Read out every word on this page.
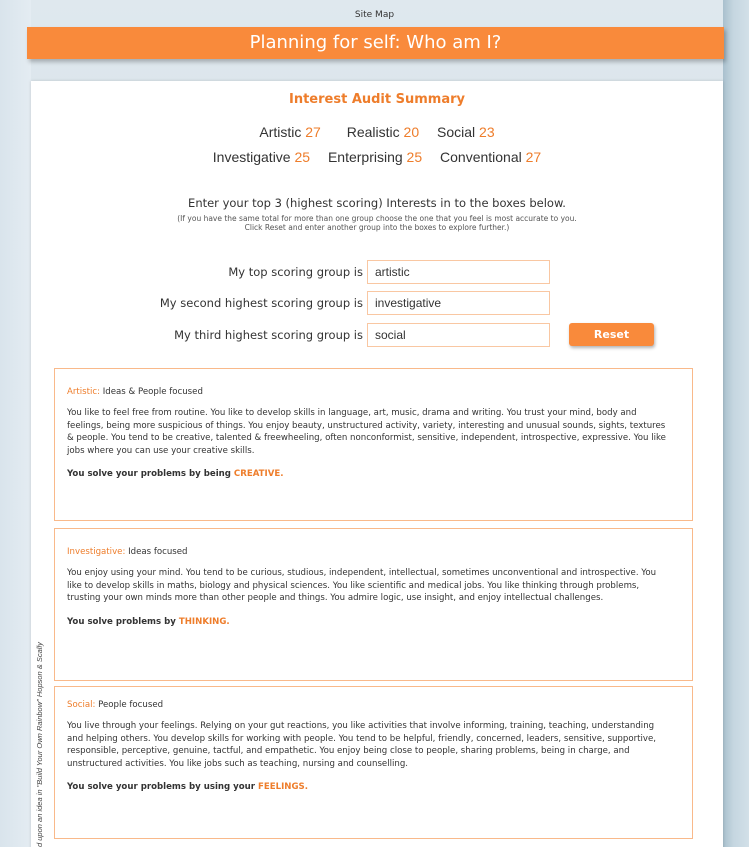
Site Map
Planning for self: Who am I?
Interest Audit Summary
Artistic 27 Realistic 20 Social 23
Investigative 25 Enterprising 25 Conventional 27
Enter your top 3 (highest scoring) Interests in to the boxes below.
(If you have the same total for more than one group choose the one that you feel is most accurate to you.
Click Reset and enter another group into the boxes to explore further.)
My top scoring group is
artistic
My second highest scoring group is
investigative
My third highest scoring group is
social	Reset
Artistic: Ideas & People focused
You like to feel free from routine. You like to develop skills in language, art, music, drama and writing. You trust your mind, body and feelings, being more suspicious of things. You enjoy beauty, unstructured activity, variety, interesting and unusual sounds, sights, textures & people. You tend to be creative, talented & freewheeling, often nonconformist, sensitive, independent, introspective, expressive. You like jobs where you can use your creative skills.
You solve your problems by being CREATIVE.
Investigative: Ideas focused
You enjoy using your mind. You tend to be curious, studious, independent, intellectual, sometimes unconventional and introspective. You like to develop skills in maths, biology and physical sciences. You like scientific and medical jobs. You like thinking through problems, trusting your own minds more than other people and things. You admire logic, use insight, and enjoy intellectual challenges.
You solve problems by THINKING.
Social: People focused
You live through your feelings. Relying on your gut reactions, you like activities that involve informing, training, teaching, understanding and helping others. You develop skills for working with people. You tend to be helpful, friendly, concerned, leaders, sensitive, supportive, responsible, perceptive, genuine, tactful, and empathetic. You enjoy being close to people, sharing problems, being in charge, and unstructured activities. You like jobs such as teaching, nursing and counselling.
You solve your problems by using your FEELINGS.
d upon an idea in "Build Your Own Rainbow" Hopson & Scally
